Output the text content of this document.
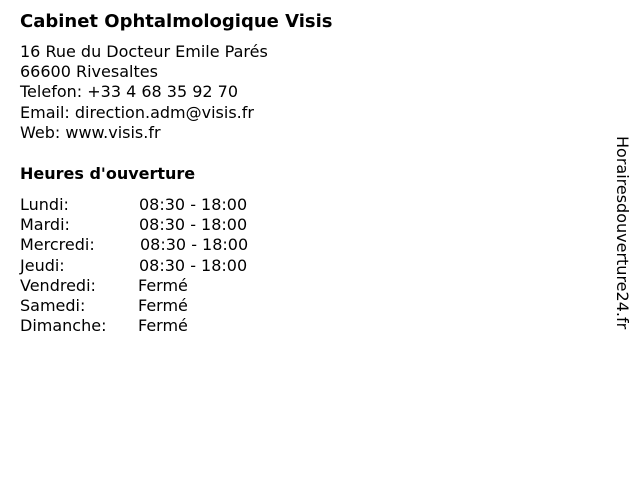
Cabinet Ophtalmologique Visis
16 Rue du Docteur Emile Parés
66600 Rivesaltes
Telefon: +33 4 68 35 92 70
Email: direction.adm@visis.fr
Web: www.visis.fr
Heures d'ouverture
Lundi:	08:30 - 18:00
Mardi:	08:30 - 18:00
Mercredi:	08:30 - 18:00
Jeudi:	08:30 - 18:00
Vendredi:	Fermé
Samedi:	Fermé
Dimanche:	Fermé	Horairesdouverture24.fr
